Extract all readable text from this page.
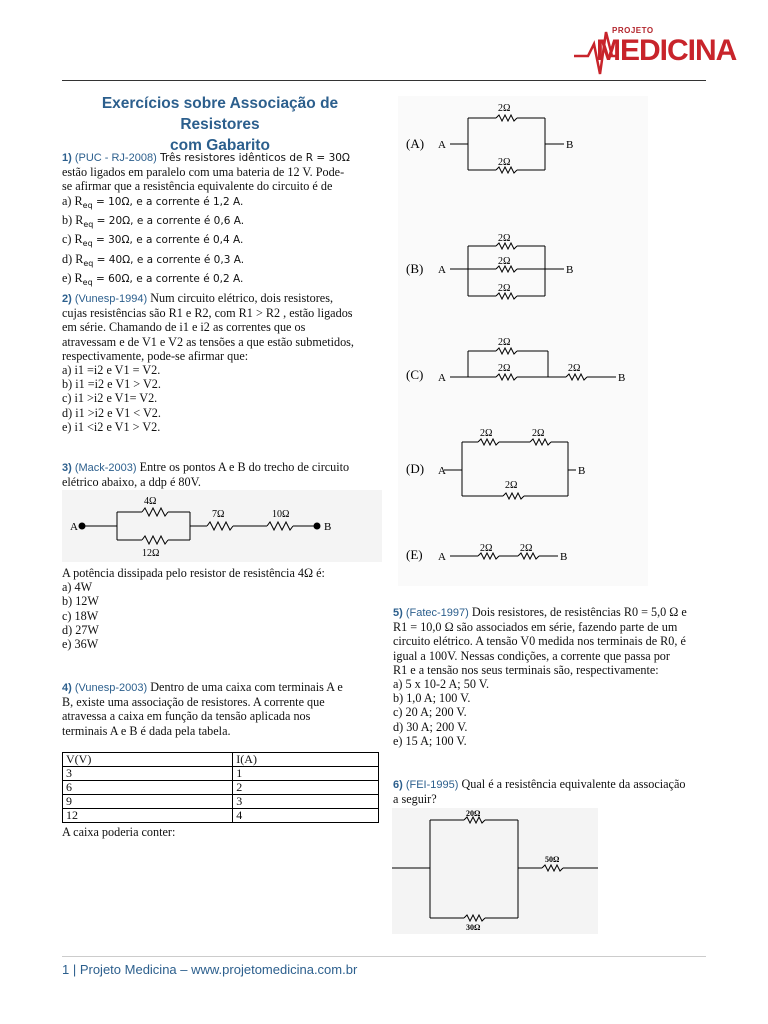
PROJETO
MEDICINA
Exercícios sobre Associação de Resistores
com Gabarito
1) (PUC - RJ-2008) Três resistores idênticos de R = 30Ω
estão ligados em paralelo com uma bateria de 12 V. Pode-
se afirmar que a resistência equivalente do circuito é de
a) $R_{eq} = 10\Omega$, e a corrente é 1,2 A.
b) $R_{eq} = 20\Omega$, e a corrente é 0,6 A.
c) $R_{eq} = 30\Omega$, e a corrente é 0,4 A.
d) $R_{eq} = 40\Omega$, e a corrente é 0,3 A.
e) $R_{eq} = 60\Omega$, e a corrente é 0,2 A.
2) (Vunesp-1994) Num circuito elétrico, dois resistores,
cujas resistências são R1 e R2, com R1 > R2 , estão ligados
em série. Chamando de i1 e i2 as correntes que os
atravessam e de V1 e V2 as tensões a que estão submetidos,
respectivamente, pode-se afirmar que:
a) i1 =i2 e V1 = V2.
b) i1 =i2 e V1 > V2.
c) i1 >i2 e V1= V2.
d) i1 >i2 e V1 < V2.
e) i1 <i2 e V1 > V2.
3) (Mack-2003) Entre os pontos A e B do trecho de circuito
elétrico abaixo, a ddp é 80V.
A	B
4Ω
12Ω
7Ω	10Ω
A potência dissipada pelo resistor de resistência 4Ω é:
a) 4W
b) 12W
c) 18W
d) 27W
e) 36W
4) (Vunesp-2003) Dentro de uma caixa com terminais A e
B, existe uma associação de resistores. A corrente que
atravessa a caixa em função da tensão aplicada nos
terminais A e B é dada pela tabela.
V(V)	I(A)
3	1
6	2
9	3
12	4
A caixa poderia conter:
(A) A	B
2Ω
2Ω
(B) A	B
2Ω
2Ω
2Ω
(C) A	B
2Ω
2Ω	2Ω
(D) A	B
2Ω	2Ω
2Ω
(E) A	B
2Ω	2Ω
5) (Fatec-1997) Dois resistores, de resistências R0 = 5,0 Ω e
R1 = 10,0 Ω são associados em série, fazendo parte de um
circuito elétrico. A tensão V0 medida nos terminais de R0, é
igual a 100V. Nessas condições, a corrente que passa por
R1 e a tensão nos seus terminais são, respectivamente:
a) 5 x 10-2 A; 50 V.
b) 1,0 A; 100 V.
c) 20 A; 200 V.
d) 30 A; 200 V.
e) 15 A; 100 V.
6) (FEI-1995) Qual é a resistência equivalente da associação
a seguir?
20Ω
30Ω
50Ω
1 | Projeto Medicina – www.projetomedicina.com.br
